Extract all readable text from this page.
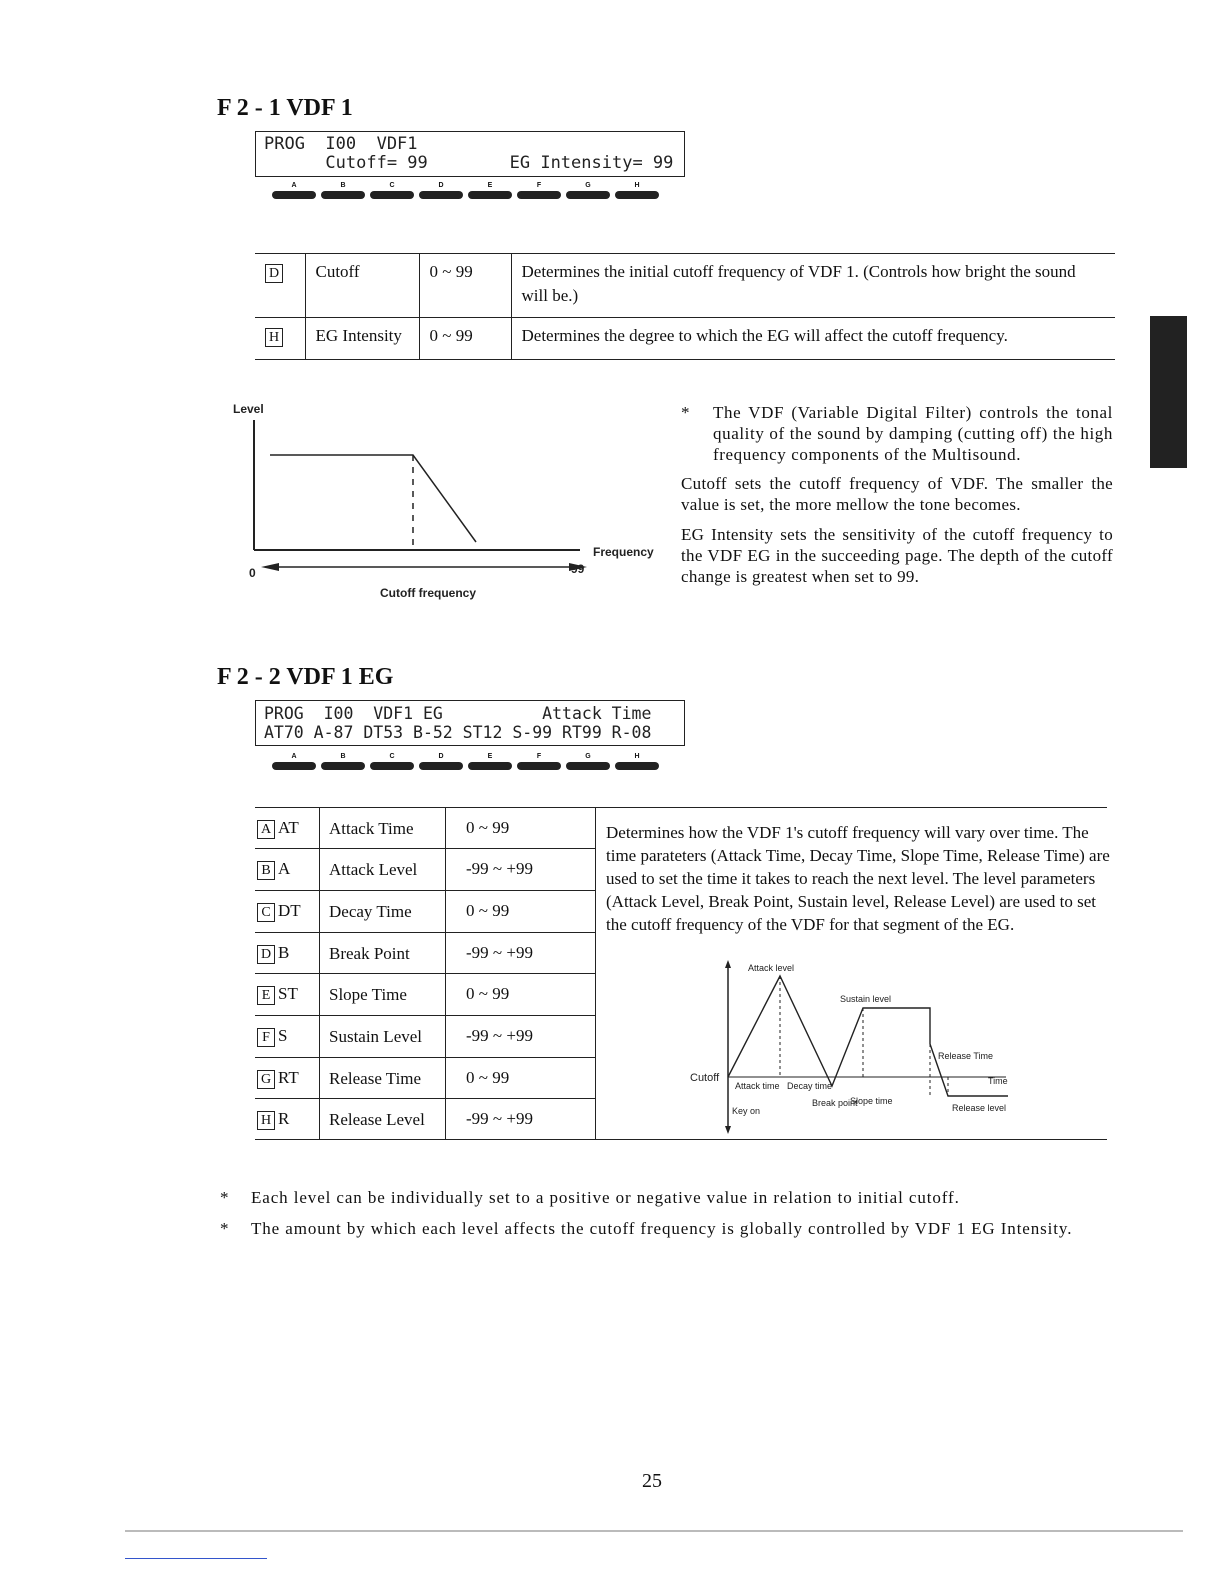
F 2 - 1 VDF 1
PROG  I00  VDF1
Cutoff= 99        EG Intensity= 99
A	B	C	D	E	F	G	H
D	Cutoff	0 ~ 99	Determines the initial cutoff frequency of VDF 1. (Controls how bright the sound will be.)
H	EG Intensity	0 ~ 99	Determines the degree to which the EG will affect the cutoff frequency.
Level
Frequency
0	99
Cutoff frequency
*	The VDF (Variable Digital Filter) controls the tonal quality of the sound by damping (cutting off) the high frequency components of the Multisound.

Cutoff sets the cutoff frequency of VDF. The smaller the value is set, the more mellow the tone becomes.

EG Intensity sets the sensitivity of the cutoff frequency to the VDF EG in the succeeding page. The depth of the cutoff change is greatest when set to 99.

F 2 - 2 VDF 1 EG
PROG  I00  VDF1 EG          Attack Time
AT70 A-87 DT53 B-52 ST12 S-99 RT99 R-08
A	B	C	D	E	F	G	H
A AT	Attack Time	0 ~ 99
B A	Attack Level	-99 ~ +99
C DT	Decay Time	0 ~ 99
D B	Break Point	-99 ~ +99
E ST	Slope Time	0 ~ 99
F S	Sustain Level	-99 ~ +99
G RT	Release Time	0 ~ 99
H R	Release Level	-99 ~ +99
Determines how the VDF 1's cutoff frequency will vary over time. The time parateters (Attack Time, Decay Time, Slope Time, Release Time) are used to set the time it takes to reach the next level. The level parameters (Attack Level, Break Point, Sustain level, Release Level) are used to set the cutoff frequency of the VDF for that segment of the EG.
Attack level
Sustain level
Release Time
Cutoff	Time
Attack time Decay time
Key on
Break point
Slope time
Release level
*	Each level can be individually set to a positive or negative value in relation to initial cutoff.
*	The amount by which each level affects the cutoff frequency is globally controlled by VDF 1 EG Intensity.
25
